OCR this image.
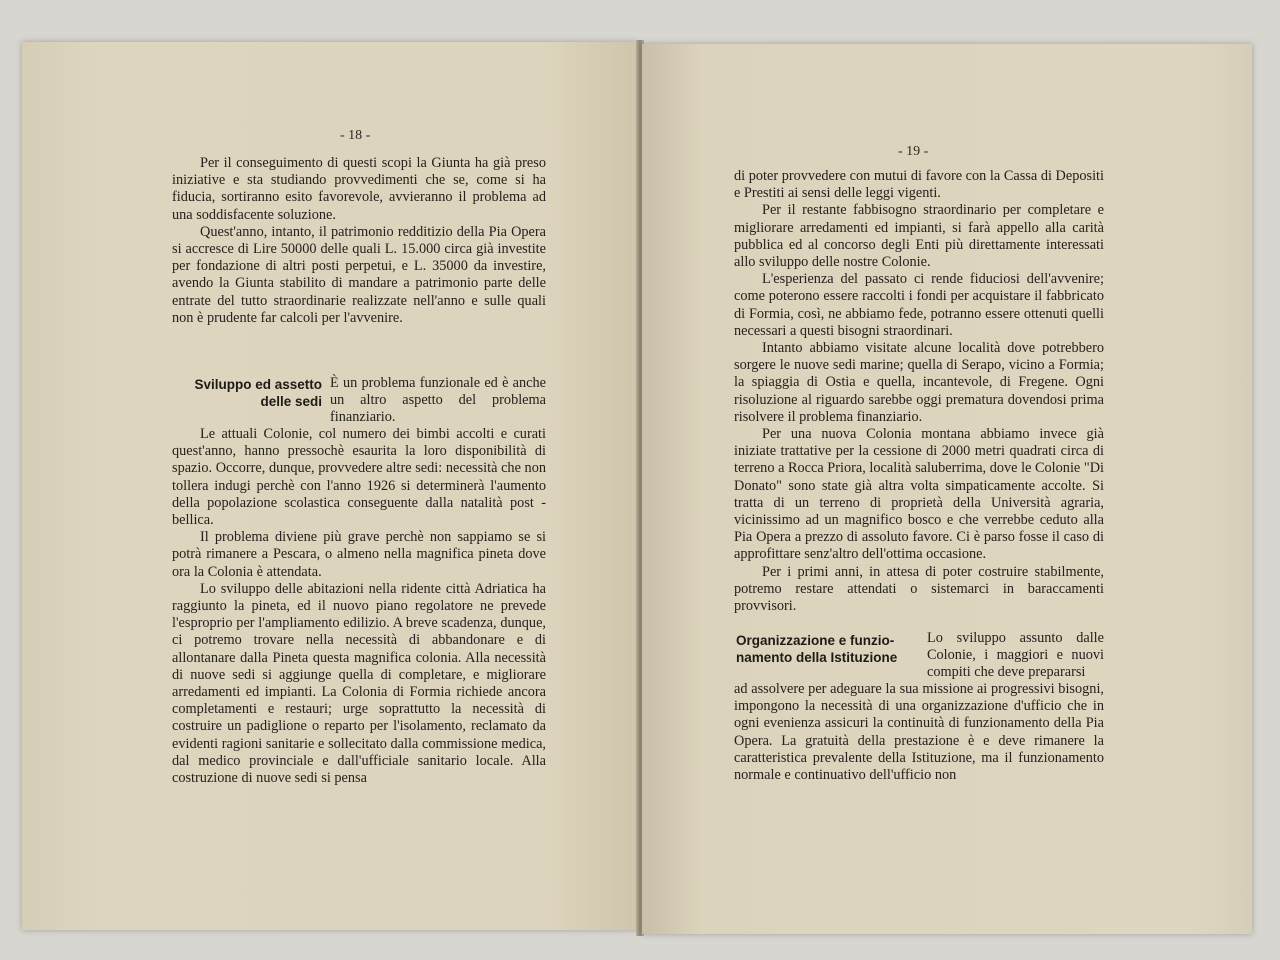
- 18 -

Per il conseguimento di questi scopi la Giunta ha già preso iniziative e sta studiando provvedimenti che se, come si ha fiducia, sortiranno esito favorevole, avvieranno il problema ad una soddisfacente soluzione.

Quest'anno, intanto, il patrimonio redditizio della Pia Opera si accresce di Lire 50000 delle quali L. 15.000 circa già investite per fondazione di altri posti perpetui, e L. 35000 da investire, avendo la Giunta stabilito di mandare a patrimonio parte delle entrate del tutto straordinarie realizzate nell'anno e sulle quali non è prudente far calcoli per l'avvenire.

Sviluppo ed assetto
delle sedi
È un problema funzionale ed è anche un altro aspetto del problema finanziario.

Le attuali Colonie, col numero dei bimbi accolti e curati quest'anno, hanno pressochè esaurita la loro disponibilità di spazio. Occorre, dunque, provvedere altre sedi: necessità che non tollera indugi perchè con l'anno 1926 si determinerà l'aumento della popolazione scolastica conseguente dalla natalità post - bellica.

Il problema diviene più grave perchè non sappiamo se si potrà rimanere a Pescara, o almeno nella magnifica pineta dove ora la Colonia è attendata.

Lo sviluppo delle abitazioni nella ridente città Adriatica ha raggiunto la pineta, ed il nuovo piano regolatore ne prevede l'esproprio per l'ampliamento edilizio. A breve scadenza, dunque, ci potremo trovare nella necessità di abbandonare e di allontanare dalla Pineta questa magnifica colonia. Alla necessità di nuove sedi si aggiunge quella di completare, e migliorare arredamenti ed impianti. La Colonia di Formia richiede ancora completamenti e restauri; urge soprattutto la necessità di costruire un padiglione o reparto per l'isolamento, reclamato da evidenti ragioni sanitarie e sollecitato dalla commissione medica, dal medico provinciale e dall'ufficiale sanitario locale. Alla costruzione di nuove sedi si pensa

- 19 -

di poter provvedere con mutui di favore con la Cassa di Depositi e Prestiti ai sensi delle leggi vigenti.

Per il restante fabbisogno straordinario per completare e migliorare arredamenti ed impianti, si farà appello alla carità pubblica ed al concorso degli Enti più direttamente interessati allo sviluppo delle nostre Colonie.

L'esperienza del passato ci rende fiduciosi dell'avvenire; come poterono essere raccolti i fondi per acquistare il fabbricato di Formia, così, ne abbiamo fede, potranno essere ottenuti quelli necessari a questi bisogni straordinari.

Intanto abbiamo visitate alcune località dove potrebbero sorgere le nuove sedi marine; quella di Serapo, vicino a Formia; la spiaggia di Ostia e quella, incantevole, di Fregene. Ogni risoluzione al riguardo sarebbe oggi prematura dovendosi prima risolvere il problema finanziario.

Per una nuova Colonia montana abbiamo invece già iniziate trattative per la cessione di 2000 metri quadrati circa di terreno a Rocca Priora, località saluberrima, dove le Colonie "Di Donato" sono state già altra volta simpaticamente accolte. Si tratta di un terreno di proprietà della Università agraria, vicinissimo ad un magnifico bosco e che verrebbe ceduto alla Pia Opera a prezzo di assoluto favore. Ci è parso fosse il caso di approfittare senz'altro dell'ottima occasione.

Per i primi anni, in attesa di poter costruire stabilmente, potremo restare attendati o sistemarci in baraccamenti provvisori.

Organizzazione e funzio-
namento della Istituzione
Lo sviluppo assunto dalle Colonie, i maggiori e nuovi compiti che deve prepararsi

ad assolvere per adeguare la sua missione ai progressivi bisogni, impongono la necessità di una organizzazione d'ufficio che in ogni evenienza assicuri la continuità di funzionamento della Pia Opera. La gratuità della prestazione è e deve rimanere la caratteristica prevalente della Istituzione, ma il funzionamento normale e continuativo dell'ufficio non
